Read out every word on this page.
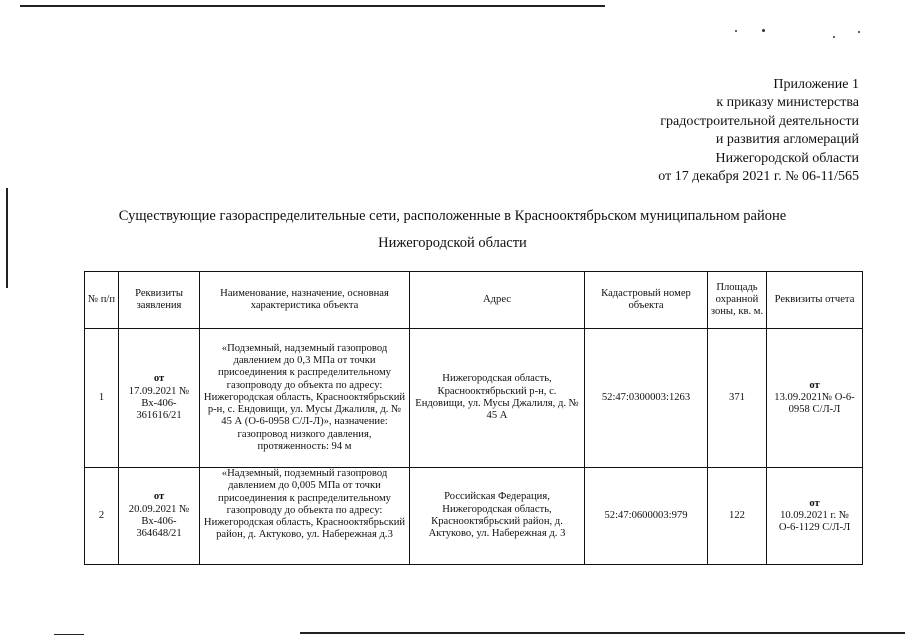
Приложение 1
к приказу министерства
градостроительной деятельности
и развития агломераций
Нижегородской области
от 17 декабря 2021 г. № 06-11/565
Существующие газораспределительные сети, расположенные в Краснооктябрьском муниципальном районе
Нижегородской области
№ п/п	Реквизиты заявления	Наименование, назначение, основная характеристика объекта	Адрес	Кадастровый номер объекта	Площадь охранной зоны, кв. м.	Реквизиты отчета
1	от
17.09.2021 № Вх-406-361616/21	«Подземный, надземный газопровод давлением до 0,3 МПа от точки присоединения к распределительному газопроводу до объекта по адресу: Нижегородская область, Краснооктябрьский р-н, с. Ендовищи, ул. Мусы Джалиля, д. № 45 А (О-6-0958 С/Л-Л)», назначение: газопровод низкого давления, протяженность: 94 м	Нижегородская область, Краснооктябрьский р-н, с. Ендовищи, ул. Мусы Джалиля, д. № 45 А	52:47:0300003:1263	371	от
13.09.2021№ О-6-0958 С/Л-Л
2	от
20.09.2021 № Вх-406-364648/21	«Надземный, подземный газопровод давлением до 0,005 МПа от точки присоединения к распределительному газопроводу до объекта по адресу: Нижегородская область, Краснооктябрьский район, д. Актуково, ул. Набережная д.3	Российская Федерация, Нижегородская область, Краснооктябрьский район, д. Актуково, ул. Набережная д. 3	52:47:0600003:979	122	от
10.09.2021 г. № О-6-1129 С/Л-Л
